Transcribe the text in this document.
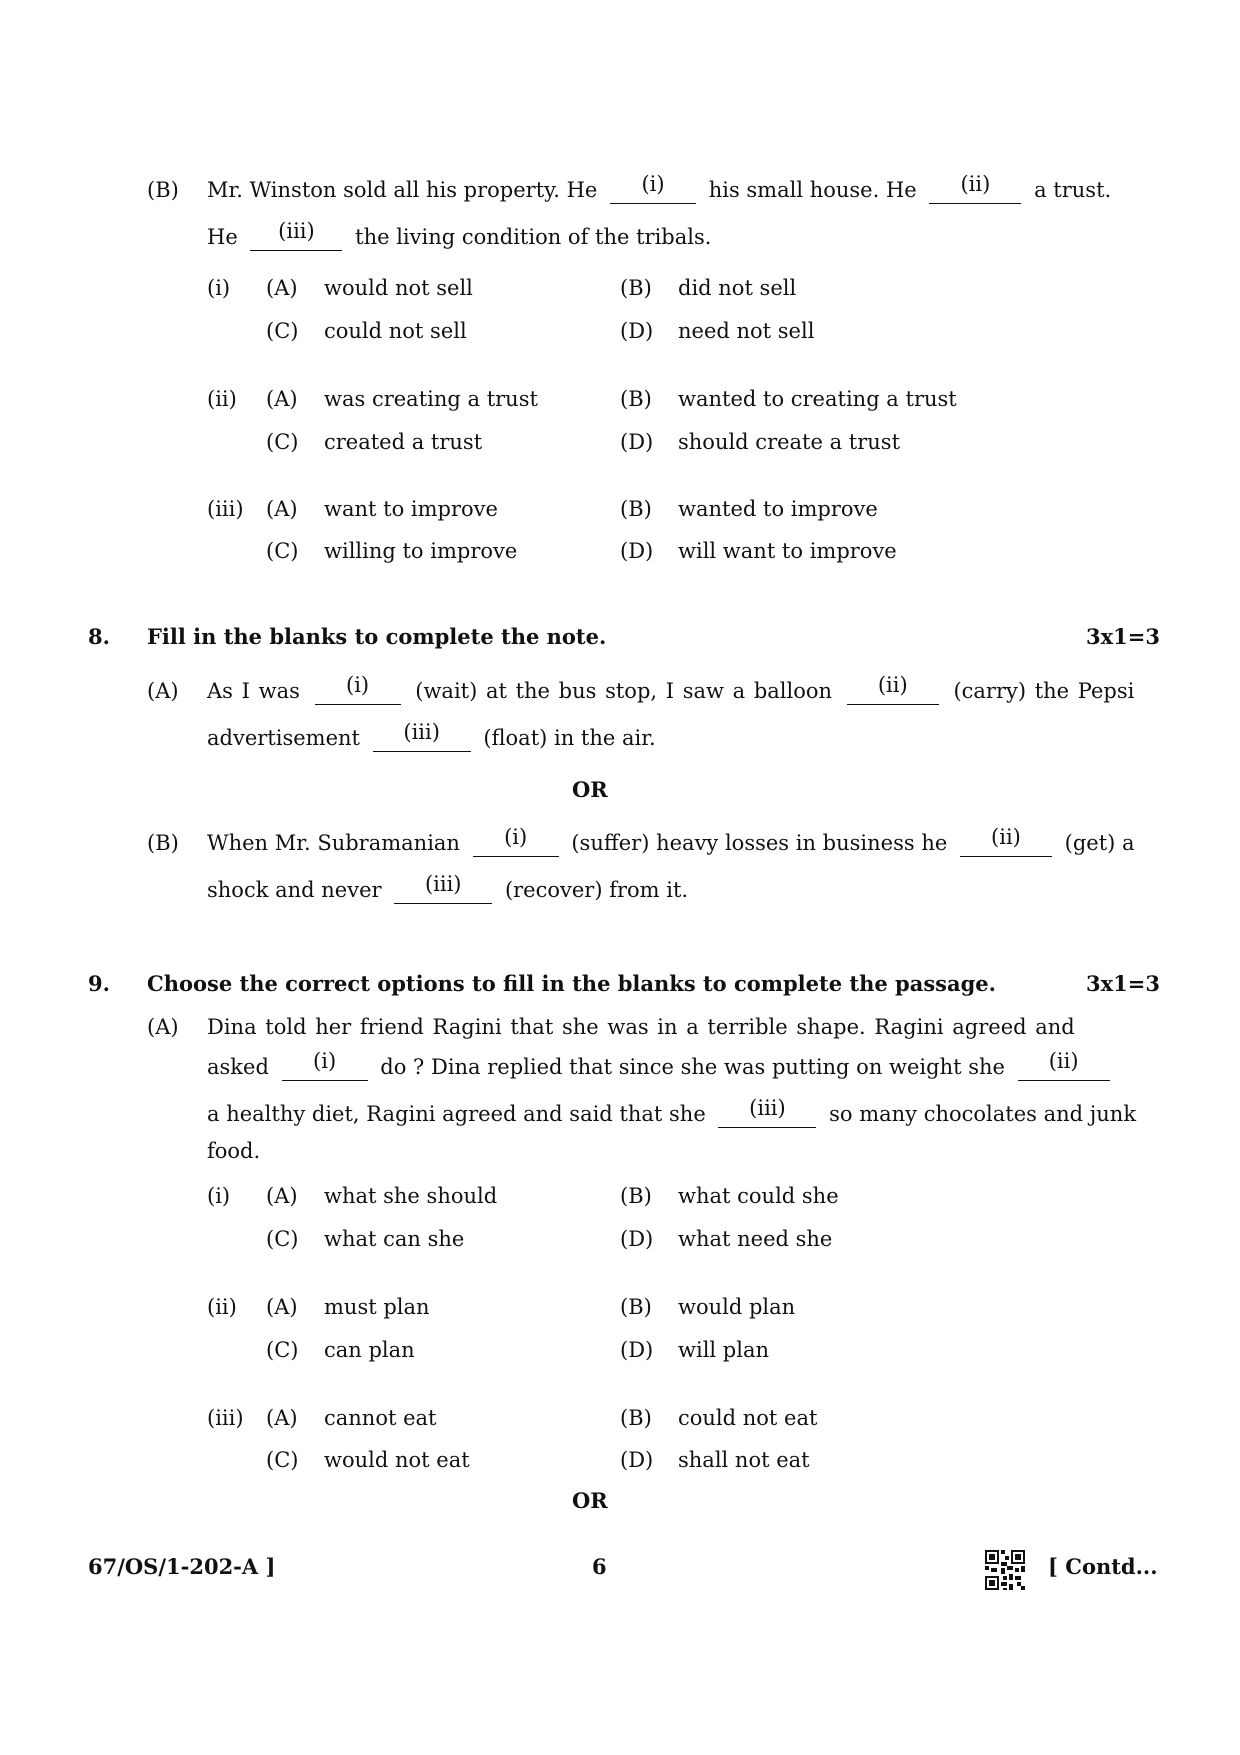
(B) Mr. Winston sold all his property. He (i) his small house. He (ii) a trust.
He (iii) the living condition of the tribals.
(i) (A) would not sell	(B) did not sell
(C) could not sell	(D) need not sell
(ii) (A) was creating a trust	(B) wanted to creating a trust
(C) created a trust	(D) should create a trust
(iii) (A) want to improve	(B) wanted to improve
(C) willing to improve	(D) will want to improve
8. Fill in the blanks to complete the note.	3x1=3
(A) As I was (i) (wait) at the bus stop, I saw a balloon (ii) (carry) the Pepsi
advertisement (iii) (float) in the air.
OR
(B) When Mr. Subramanian (i) (suffer) heavy losses in business he (ii) (get) a
shock and never (iii) (recover) from it.
9. Choose the correct options to fill in the blanks to complete the passage.	3x1=3
(A) Dina told her friend Ragini that she was in a terrible shape. Ragini agreed and
asked (i) do ? Dina replied that since she was putting on weight she (ii)
a healthy diet, Ragini agreed and said that she (iii) so many chocolates and junk
food.
(i) (A) what she should	(B) what could she
(C) what can she	(D) what need she
(ii) (A) must plan	(B) would plan
(C) can plan	(D) will plan
(iii) (A) cannot eat	(B) could not eat
(C) would not eat	(D) shall not eat
OR
67/OS/1-202-A ]	6	[ Contd...
